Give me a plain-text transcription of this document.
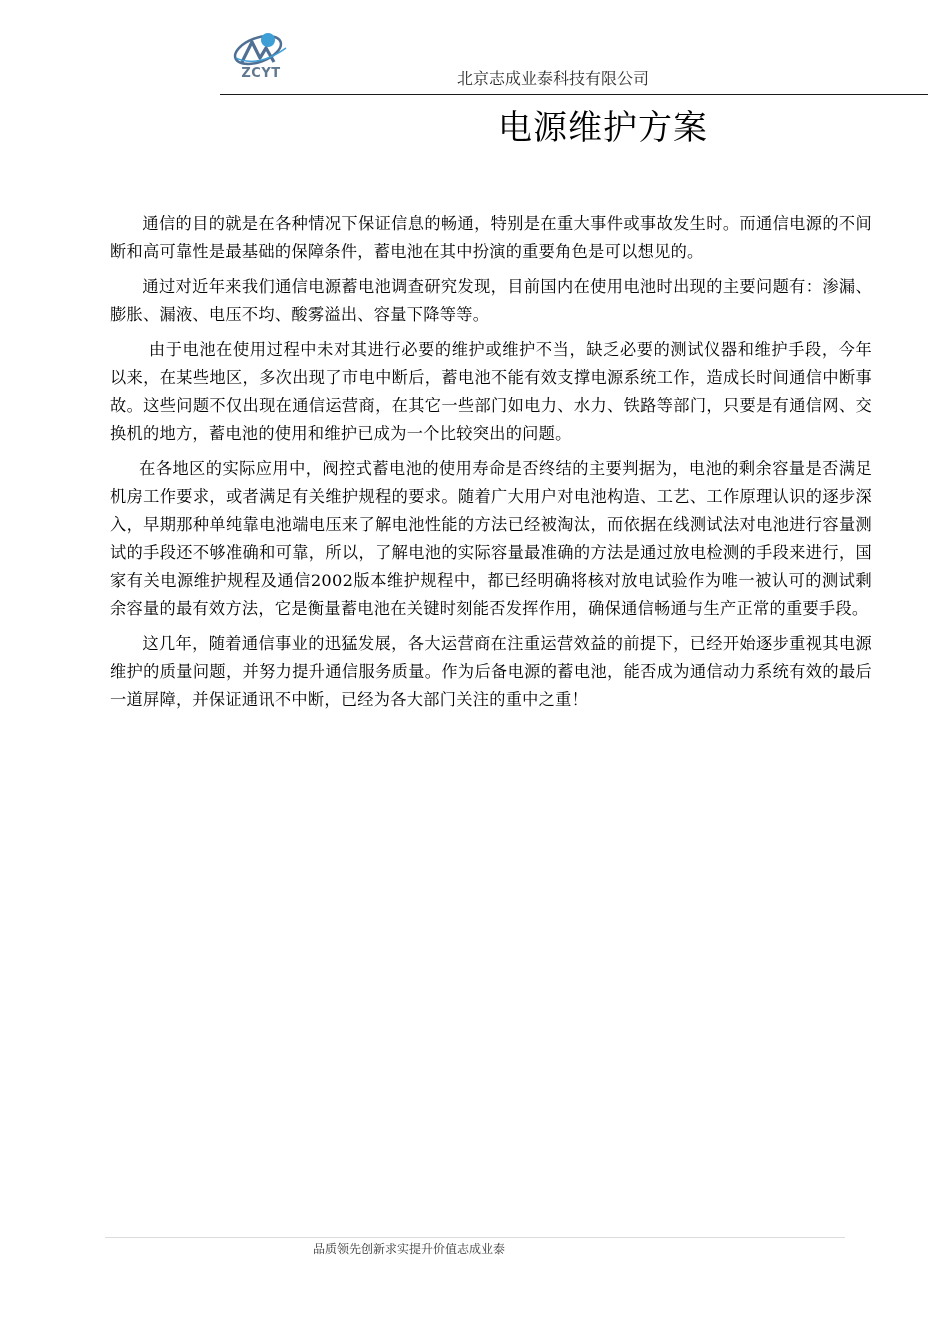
ZCYT	北京志成业泰科技有限公司
电源维护方案

通信的目的就是在各种情况下保证信息的畅通，特别是在重大事件或事故发生时。而通信电源的不间断和高可靠性是最基础的保障条件，蓄电池在其中扮演的重要角色是可以想见的。

通过对近年来我们通信电源蓄电池调查研究发现，目前国内在使用电池时出现的主要问题有：渗漏、膨胀、漏液、电压不均、酸雾溢出、容量下降等等。

由于电池在使用过程中未对其进行必要的维护或维护不当，缺乏必要的测试仪器和维护手段，今年以来，在某些地区，多次出现了市电中断后，蓄电池不能有效支撑电源系统工作，造成长时间通信中断事故。这些问题不仅出现在通信运营商，在其它一些部门如电力、水力、铁路等部门，只要是有通信网、交换机的地方，蓄电池的使用和维护已成为一个比较突出的问题。

在各地区的实际应用中，阀控式蓄电池的使用寿命是否终结的主要判据为，电池的剩余容量是否满足机房工作要求，或者满足有关维护规程的要求。随着广大用户对电池构造、工艺、工作原理认识的逐步深入，早期那种单纯靠电池端电压来了解电池性能的方法已经被淘汰，而依据在线测试法对电池进行容量测试的手段还不够准确和可靠，所以，了解电池的实际容量最准确的方法是通过放电检测的手段来进行，国家有关电源维护规程及通信2002版本维护规程中，都已经明确将核对放电试验作为唯一被认可的测试剩余容量的最有效方法，它是衡量蓄电池在关键时刻能否发挥作用，确保通信畅通与生产正常的重要手段。

这几年，随着通信事业的迅猛发展，各大运营商在注重运营效益的前提下，已经开始逐步重视其电源维护的质量问题，并努力提升通信服务质量。作为后备电源的蓄电池，能否成为通信动力系统有效的最后一道屏障，并保证通讯不中断，已经为各大部门关注的重中之重！

品质领先创新求实提升价值志成业泰
